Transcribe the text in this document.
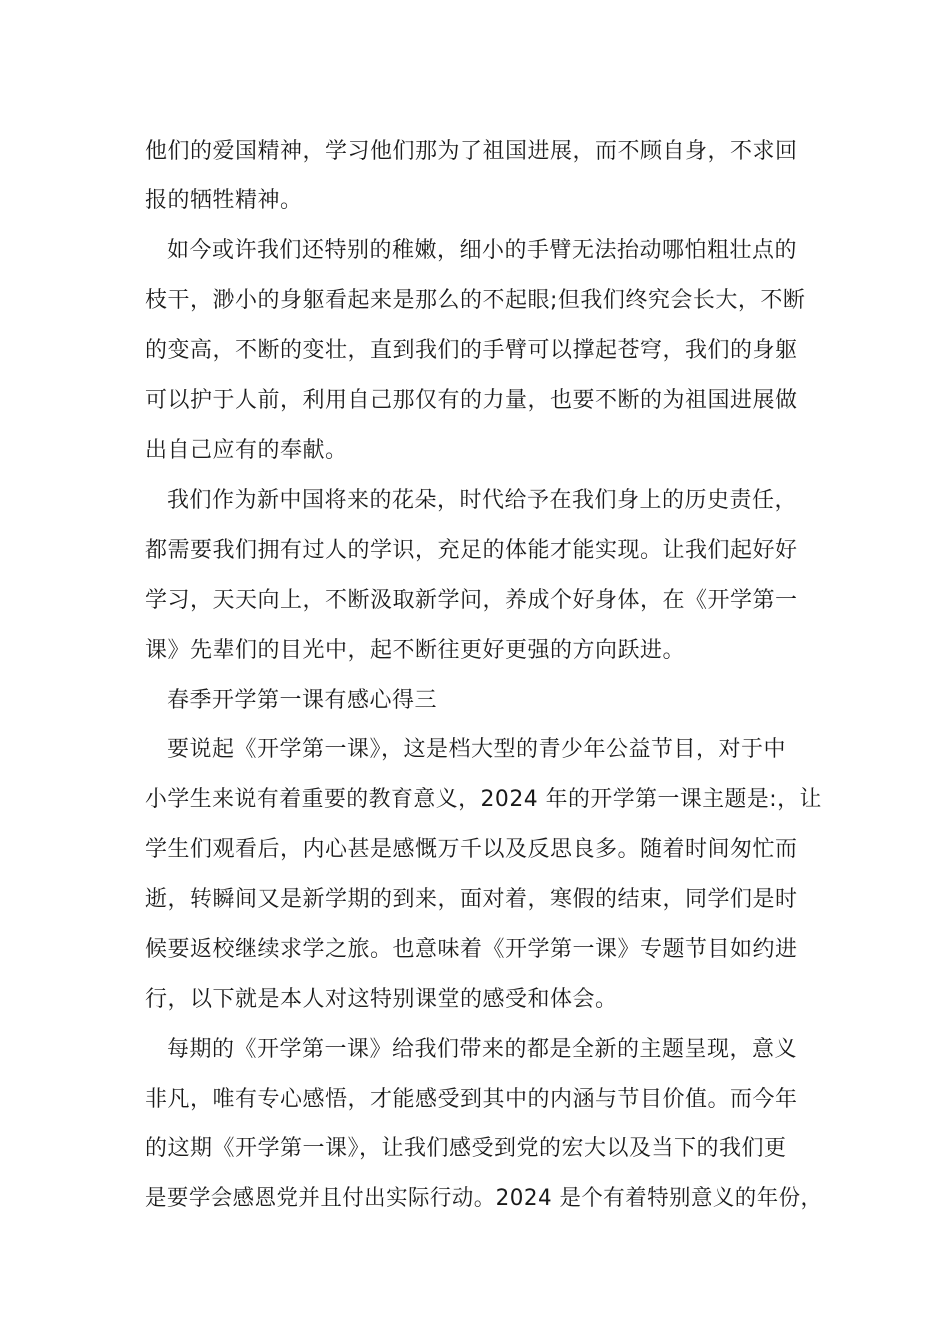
他们的爱国精神，学习他们那为了祖国进展，而不顾自身，不求回
报的牺牲精神。
如今或许我们还特别的稚嫩，细小的手臂无法抬动哪怕粗壮点的
枝干，渺小的身躯看起来是那么的不起眼;但我们终究会长大，不断
的变高，不断的变壮，直到我们的手臂可以撑起苍穹，我们的身躯
可以护于人前，利用自己那仅有的力量，也要不断的为祖国进展做
出自己应有的奉献。
我们作为新中国将来的花朵，时代给予在我们身上的历史责任，
都需要我们拥有过人的学识，充足的体能才能实现。让我们起好好
学习，天天向上，不断汲取新学问，养成个好身体，在《开学第一
课》先辈们的目光中，起不断往更好更强的方向跃进。
春季开学第一课有感心得三
要说起《开学第一课》，这是档大型的青少年公益节目，对于中
小学生来说有着重要的教育意义，2024 年的开学第一课主题是:，让
学生们观看后，内心甚是感慨万千以及反思良多。随着时间匆忙而
逝，转瞬间又是新学期的到来，面对着，寒假的结束，同学们是时
候要返校继续求学之旅。也意味着《开学第一课》专题节目如约进
行，以下就是本人对这特别课堂的感受和体会。
每期的《开学第一课》给我们带来的都是全新的主题呈现，意义
非凡，唯有专心感悟，才能感受到其中的内涵与节目价值。而今年
的这期《开学第一课》，让我们感受到党的宏大以及当下的我们更
是要学会感恩党并且付出实际行动。2024 是个有着特别意义的年份，
